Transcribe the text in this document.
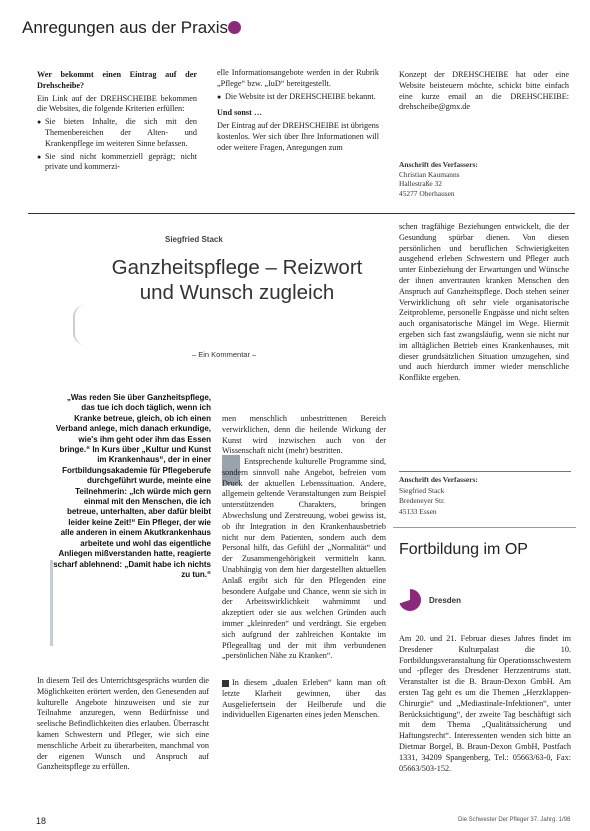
Anregungen aus der Praxis

Wer bekommt einen Eintrag auf der Drehscheibe?

Ein Link auf der DREHSCHEIBE bekommen die Websites, die folgende Kriterien erfüllen:

● Sie bieten Inhalte, die sich mit den Themenbereichen der Alten- und Krankenpflege im weiteren Sinne befassen.

● Sie sind nicht kommerziell geprägt; nicht private und kommerzi-

elle Informationsangebote werden in der Rubrik „Pflege“ bzw. „IuD“ bereitgestellt.

● Die Website ist der DREHSCHEIBE bekannt.

Und sonst …

Der Eintrag auf der DREHSCHEIBE ist übrigens kostenlos. Wer sich über Ihre Informationen will oder weitere Fragen, Anregungen zum

Konzept der DREHSCHEIBE hat oder eine Website beisteuern möchte, schickt bitte einfach eine kurze email an die DREHSCHEIBE: drehscheibe@gmx.de

Anschrift des Verfassers:
Christian Kaumanns
Hallestraße 32
45277 Oberhausen
Siegfried Stack
Ganzheitspflege – Reizwort und Wunsch zugleich
– Ein Kommentar –
„Was reden Sie über Ganzheitspflege, das tue ich doch täglich, wenn ich Kranke betreue, gleich, ob ich einen Verband anlege, mich danach erkundige, wie's ihm geht oder ihm das Essen bringe.“ In Kurs über „Kultur und Kunst im Krankenhaus“, der in einer Fortbildungsakademie für Pflegeberufe durchgeführt wurde, meinte eine Teilnehmerin: „Ich würde mich gern einmal mit den Menschen, die ich betreue, unterhalten, aber dafür bleibt leider keine Zeit!“ Ein Pfleger, der wie alle anderen in einem Akutkrankenhaus arbeitete und wohl das eigentliche Anliegen mißverstanden hatte, reagierte scharf ablehnend: „Damit habe ich nichts zu tun.“

In diesem Teil des Unterrichtsgesprächs wurden die Möglichkeiten erörtert werden, den Genesenden auf kulturelle Angebote hinzuweisen und sie zur Teilnahme anzuregen, wenn Bedürfnisse und seelische Befindlichkeiten dies erlauben. Überrascht kamen Schwestern und Pfleger, wie sich eine menschliche Arbeit zu überarbeiten, manchmal von der eigenen Wunsch und Anspruch auf Ganzheitspflege zu erfüllen.

men menschlich unbestrittenen Bereich verwirklichen, denn die heilende Wirkung der Kunst wird inzwischen auch von der Wissenschaft nicht (mehr) bestritten.

Entsprechende kulturelle Programme sind, sondern sinnvoll nahe Angebot, befreien vom Druck der aktuellen Lebenssituation. Andere, allgemein geltende Veranstaltungen zum Beispiel unterstützenden Charakters, bringen Abwechslung und Zerstreuung, wobei gewiss ist, ob ihr Integration in den Krankenhausbetrieb nicht nur dem Patienten, sondern auch dem Personal hilft, das Gefühl der „Normalität“ und der Zusammengehörigkeit vermitteln kann. Unabhängig von dem hier dargestellten aktuellen Anlaß ergibt sich für den Pflegenden eine besondere Aufgabe und Chance, wenn sie sich in der Arbeitswirklichkeit wahrnimmt und akzeptiert oder sie aus welchen Gründen auch immer „kleinreden“ und verdrängt. Sie ergeben sich aufgrund der zahlreichen Kontakte im Pflegealltag und der mit ihm verbundenen „persönlichen Nähe zu Kranken“.

In diesem „dualen Erleben“ kann man oft letzte Klarheit gewinnen, über das Ausgeliefertsein der Heilberufe und die individuellen Eigenarten eines jeden Menschen.

schen tragfähige Beziehungen entwickelt, die der Gesundung spürbar dienen. Von diesen persönlichen und beruflichen Schwierigkeiten ausgehend erleben Schwestern und Pfleger auch unter Einbeziehung der Erwartungen und Wünsche der ihnen anvertrauten kranken Menschen den Anspruch auf Ganzheitspflege. Doch stehen seiner Verwirklichung oft sehr viele organisatorische Zeitprobleme, personelle Engpässe und nicht selten auch organisatorische Mängel im Wege. Hiermit ergeben sich fast zwangsläufig, wenn sie nicht nur im alltäglichen Betrieb eines Krankenhauses, mit dieser grundsätzlichen Situation umzugehen, sind und auch hierdurch immer wieder menschliche Konflikte ergeben.

Anschrift des Verfassers:
Siegfried Stack
Bredeneyer Str.
45133 Essen
Fortbildung im OP
Dresden

Am 20. und 21. Februar dieses Jahres findet im Dresdener Kulturpalast die 10. Fortbildungsveranstaltung für Operationsschwestern und -pfleger des Dresdener Herzzentrums statt. Veranstalter ist die B. Braun-Dexon GmbH. Am ersten Tag geht es um die Themen „Herzklappen-Chirurgie“ und „Mediastinale-Infektionen“, unter Berücksichtigung“, der zweite Tag beschäftigt sich mit dem Thema „Qualitätssicherung und Haftungsrecht“. Interessenten wenden sich bitte an Dietmar Borgel, B. Braun-Dexon GmbH, Postfach 1331, 34209 Spangenberg, Tel.: 05663/63-0, Fax: 05663/503-152.

18	Die Schwester Der Pfleger 37. Jahrg. 1/98
